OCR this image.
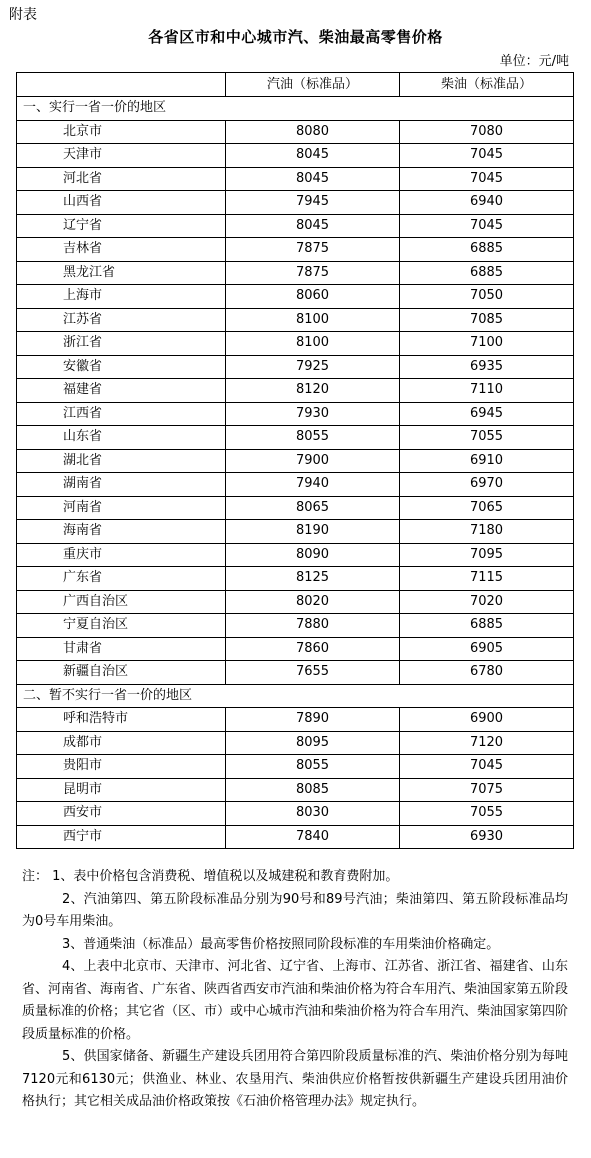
附表
各省区市和中心城市汽、柴油最高零售价格
单位：元/吨
	汽油（标准品）	柴油（标准品）
一、实行一省一价的地区		
北京市	8080	7080
天津市	8045	7045
河北省	8045	7045
山西省	7945	6940
辽宁省	8045	7045
吉林省	7875	6885
黑龙江省	7875	6885
上海市	8060	7050
江苏省	8100	7085
浙江省	8100	7100
安徽省	7925	6935
福建省	8120	7110
江西省	7930	6945
山东省	8055	7055
湖北省	7900	6910
湖南省	7940	6970
河南省	8065	7065
海南省	8190	7180
重庆市	8090	7095
广东省	8125	7115
广西自治区	8020	7020
宁夏自治区	7880	6885
甘肃省	7860	6905
新疆自治区	7655	6780
二、暂不实行一省一价的地区		
呼和浩特市	7890	6900
成都市	8095	7120
贵阳市	8055	7045
昆明市	8085	7075
西安市	8030	7055
西宁市	7840	6930

注： 1、表中价格包含消费税、增值税以及城建税和教育费附加。

2、汽油第四、第五阶段标准品分别为90号和89号汽油；柴油第四、第五阶段标准品均为0号车用柴油。

3、普通柴油（标准品）最高零售价格按照同阶段标准的车用柴油价格确定。

4、上表中北京市、天津市、河北省、辽宁省、上海市、江苏省、浙江省、福建省、山东省、河南省、海南省、广东省、陕西省西安市汽油和柴油价格为符合车用汽、柴油国家第五阶段质量标准的价格；其它省（区、市）或中心城市汽油和柴油价格为符合车用汽、柴油国家第四阶段质量标准的价格。

5、供国家储备、新疆生产建设兵团用符合第四阶段质量标准的汽、柴油价格分别为每吨7120元和6130元；供渔业、林业、农垦用汽、柴油供应价格暂按供新疆生产建设兵团用油价格执行；其它相关成品油价格政策按《石油价格管理办法》规定执行。
